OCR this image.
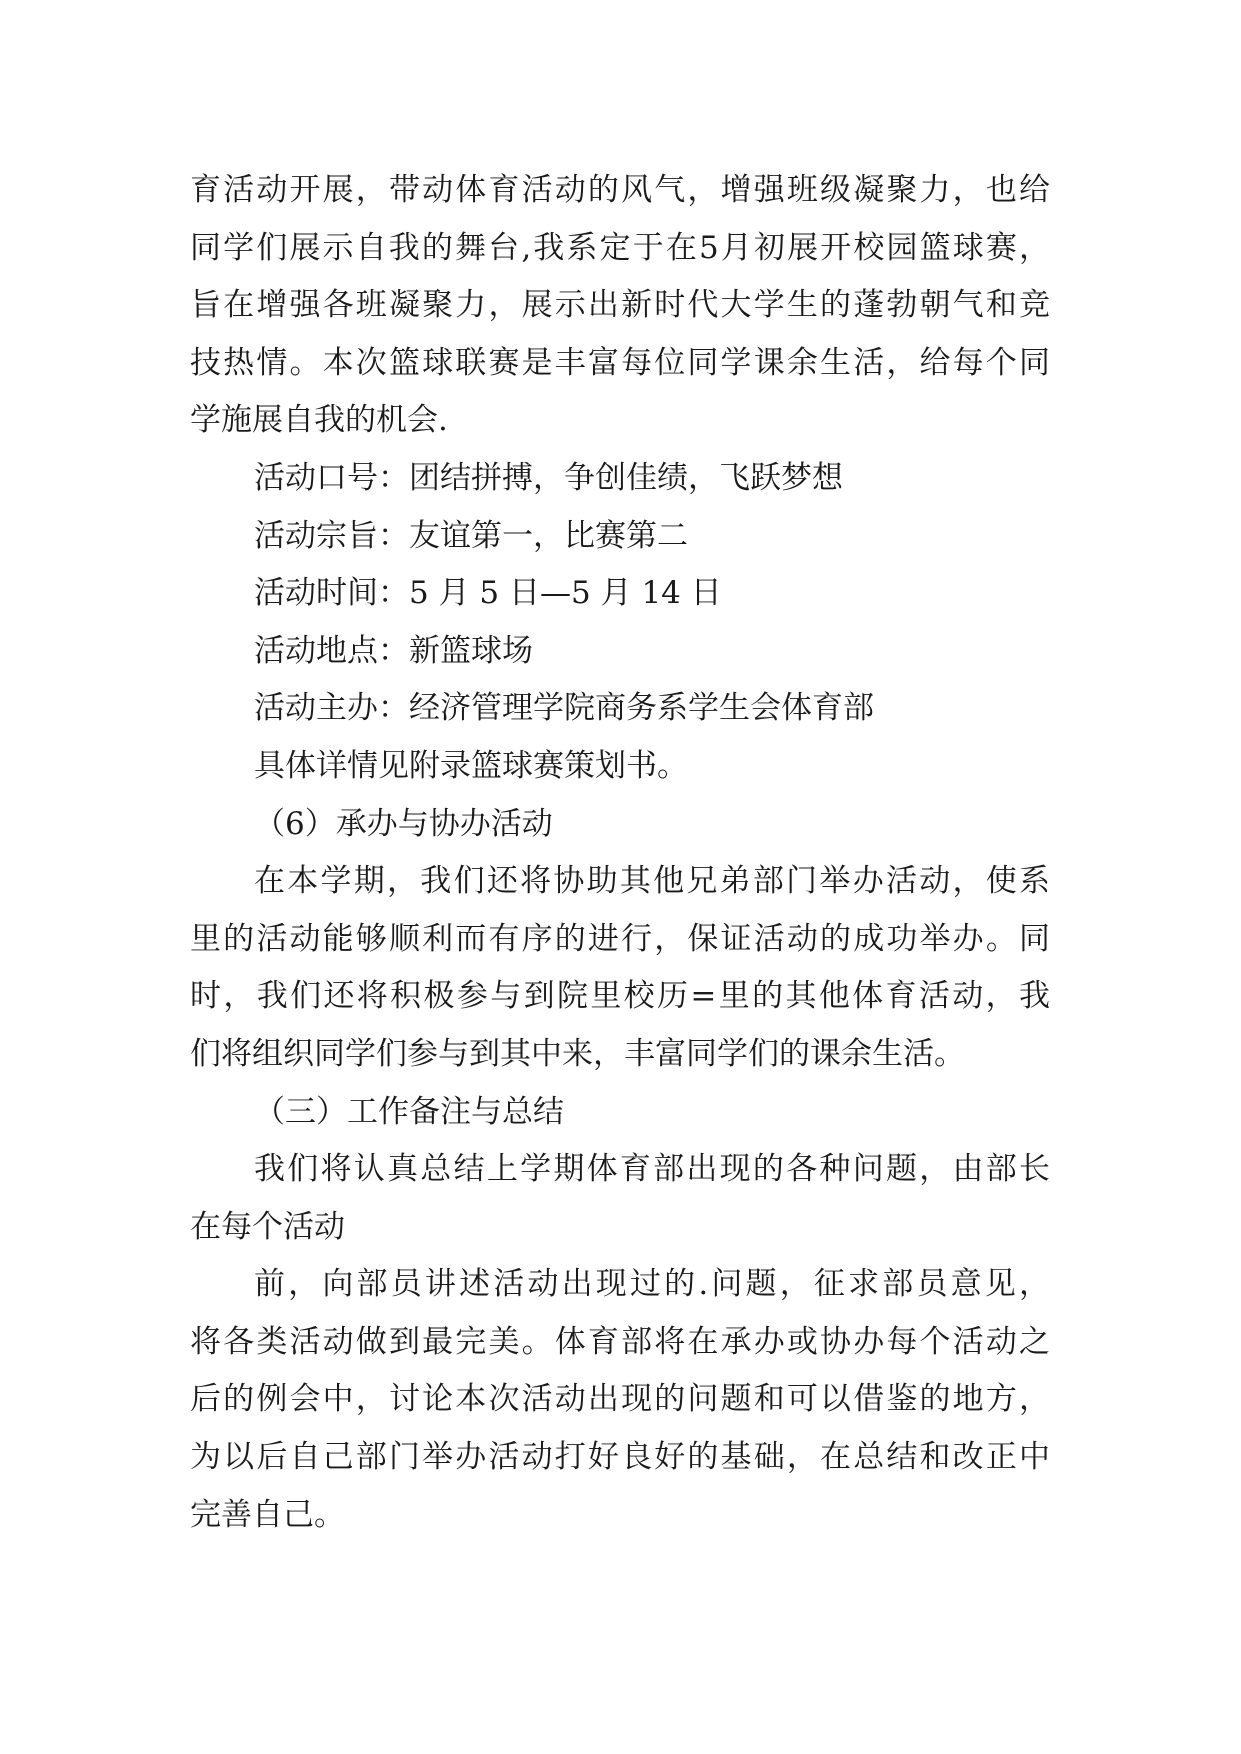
育活动开展，带动体育活动的风气，增强班级凝聚力，也给
同学们展示自我的舞台,我系定于在5月初展开校园篮球赛，
旨在增强各班凝聚力，展示出新时代大学生的蓬勃朝气和竞
技热情。本次篮球联赛是丰富每位同学课余生活，给每个同
学施展自我的机会.
活动口号：团结拼搏，争创佳绩，飞跃梦想
活动宗旨：友谊第一，比赛第二
活动时间：5 月 5 日—5 月 14 日
活动地点：新篮球场
活动主办：经济管理学院商务系学生会体育部
具体详情见附录篮球赛策划书。
（6）承办与协办活动
在本学期，我们还将协助其他兄弟部门举办活动，使系
里的活动能够顺利而有序的进行，保证活动的成功举办。同
时，我们还将积极参与到院里校历=里的其他体育活动，我
们将组织同学们参与到其中来，丰富同学们的课余生活。
（三）工作备注与总结
我们将认真总结上学期体育部出现的各种问题，由部长
在每个活动
前，向部员讲述活动出现过的.问题，征求部员意见，
将各类活动做到最完美。体育部将在承办或协办每个活动之
后的例会中，讨论本次活动出现的问题和可以借鉴的地方，
为以后自己部门举办活动打好良好的基础，在总结和改正中
完善自己。
